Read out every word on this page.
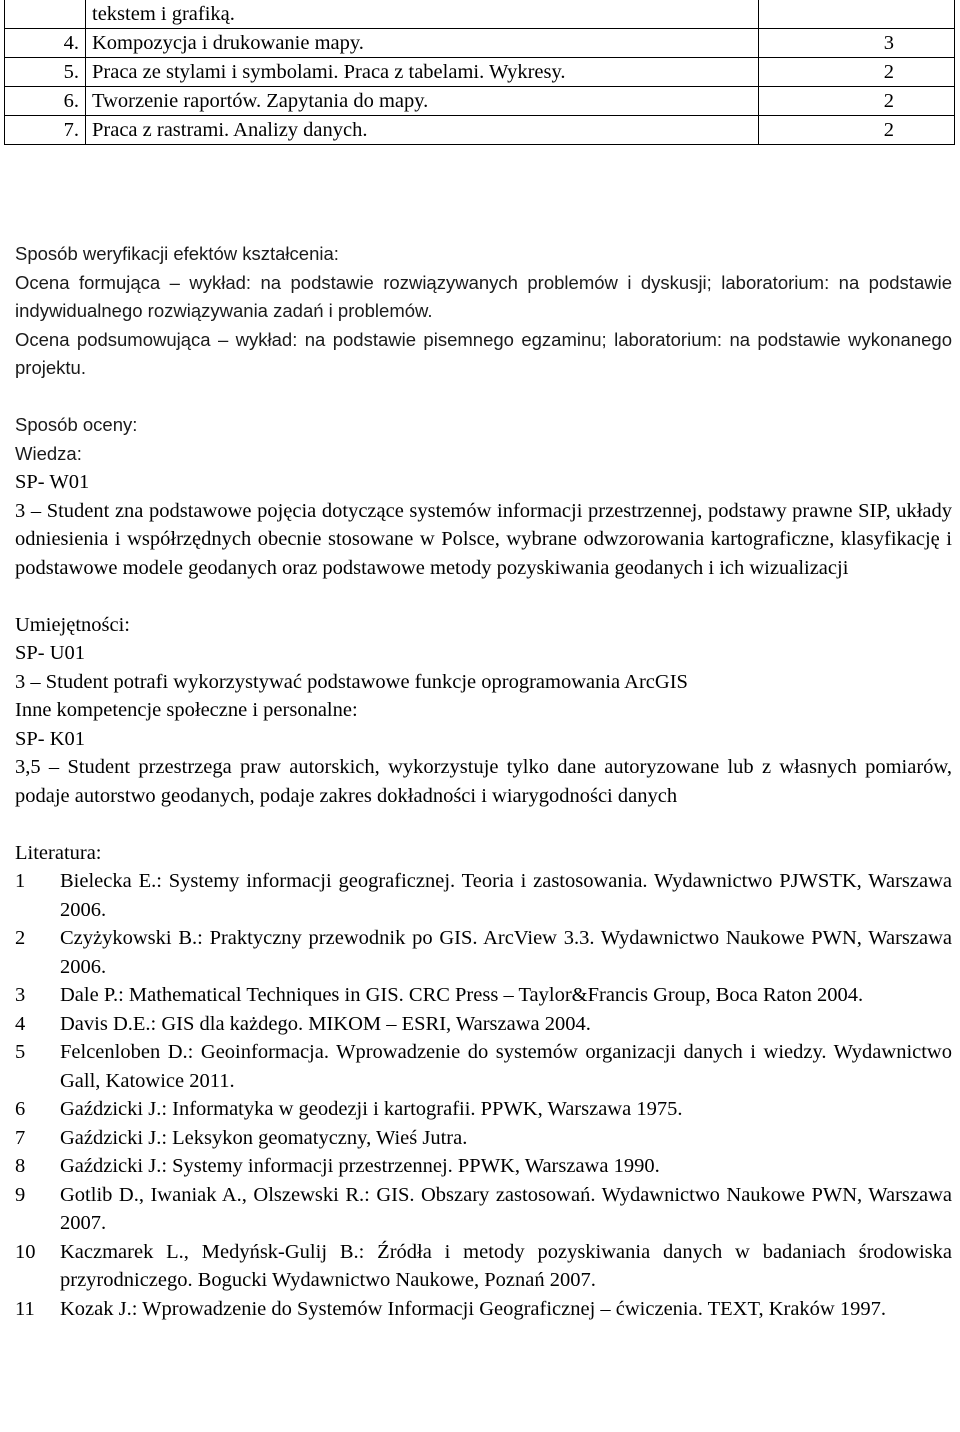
	tekstem i grafiką.	
4.	Kompozycja i drukowanie mapy.	3
5.	Praca ze stylami i symbolami. Praca z tabelami. Wykresy.	2
6.	Tworzenie raportów. Zapytania do mapy.	2
7.	Praca z rastrami. Analizy danych.	2

Sposób weryfikacji efektów kształcenia:

Ocena formująca – wykład: na podstawie rozwiązywanych problemów i dyskusji; laboratorium: na podstawie indywidualnego rozwiązywania zadań i problemów.

Ocena podsumowująca – wykład: na podstawie pisemnego egzaminu; laboratorium: na podstawie wykonanego projektu.

Sposób oceny:

Wiedza:

SP- W01

3 – Student zna podstawowe pojęcia dotyczące systemów informacji przestrzennej, podstawy prawne SIP, układy odniesienia i współrzędnych obecnie stosowane w Polsce, wybrane odwzorowania kartograficzne, klasyfikację i podstawowe modele geodanych oraz podstawowe metody pozyskiwania geodanych i ich wizualizacji

Umiejętności:

SP- U01

3 – Student potrafi wykorzystywać podstawowe funkcje oprogramowania ArcGIS

Inne kompetencje społeczne i personalne:

SP- K01

3,5 – Student przestrzega praw autorskich, wykorzystuje tylko dane autoryzowane lub z własnych pomiarów, podaje autorstwo geodanych, podaje zakres dokładności i wiarygodności danych

Literatura:

1	Bielecka E.: Systemy informacji geograficznej. Teoria i zastosowania. Wydawnictwo PJWSTK, Warszawa 2006.
2	Czyżykowski B.: Praktyczny przewodnik po GIS. ArcView 3.3. Wydawnictwo Naukowe PWN, Warszawa 2006.
3	Dale P.: Mathematical Techniques in GIS. CRC Press – Taylor&Francis Group, Boca Raton 2004.
4	Davis D.E.: GIS dla każdego. MIKOM – ESRI, Warszawa 2004.
5	Felcenloben D.: Geoinformacja. Wprowadzenie do systemów organizacji danych i wiedzy. Wydawnictwo Gall, Katowice 2011.
6	Gaździcki J.: Informatyka w geodezji i kartografii. PPWK, Warszawa 1975.
7	Gaździcki J.: Leksykon geomatyczny, Wieś Jutra.
8	Gaździcki J.: Systemy informacji przestrzennej. PPWK, Warszawa 1990.
9	Gotlib D., Iwaniak A., Olszewski R.: GIS. Obszary zastosowań. Wydawnictwo Naukowe PWN, Warszawa 2007.
10	Kaczmarek L., Medyńsk-Gulij B.: Źródła i metody pozyskiwania danych w badaniach środowiska przyrodniczego. Bogucki Wydawnictwo Naukowe, Poznań 2007.
11	Kozak J.: Wprowadzenie do Systemów Informacji Geograficznej – ćwiczenia. TEXT, Kraków 1997.
